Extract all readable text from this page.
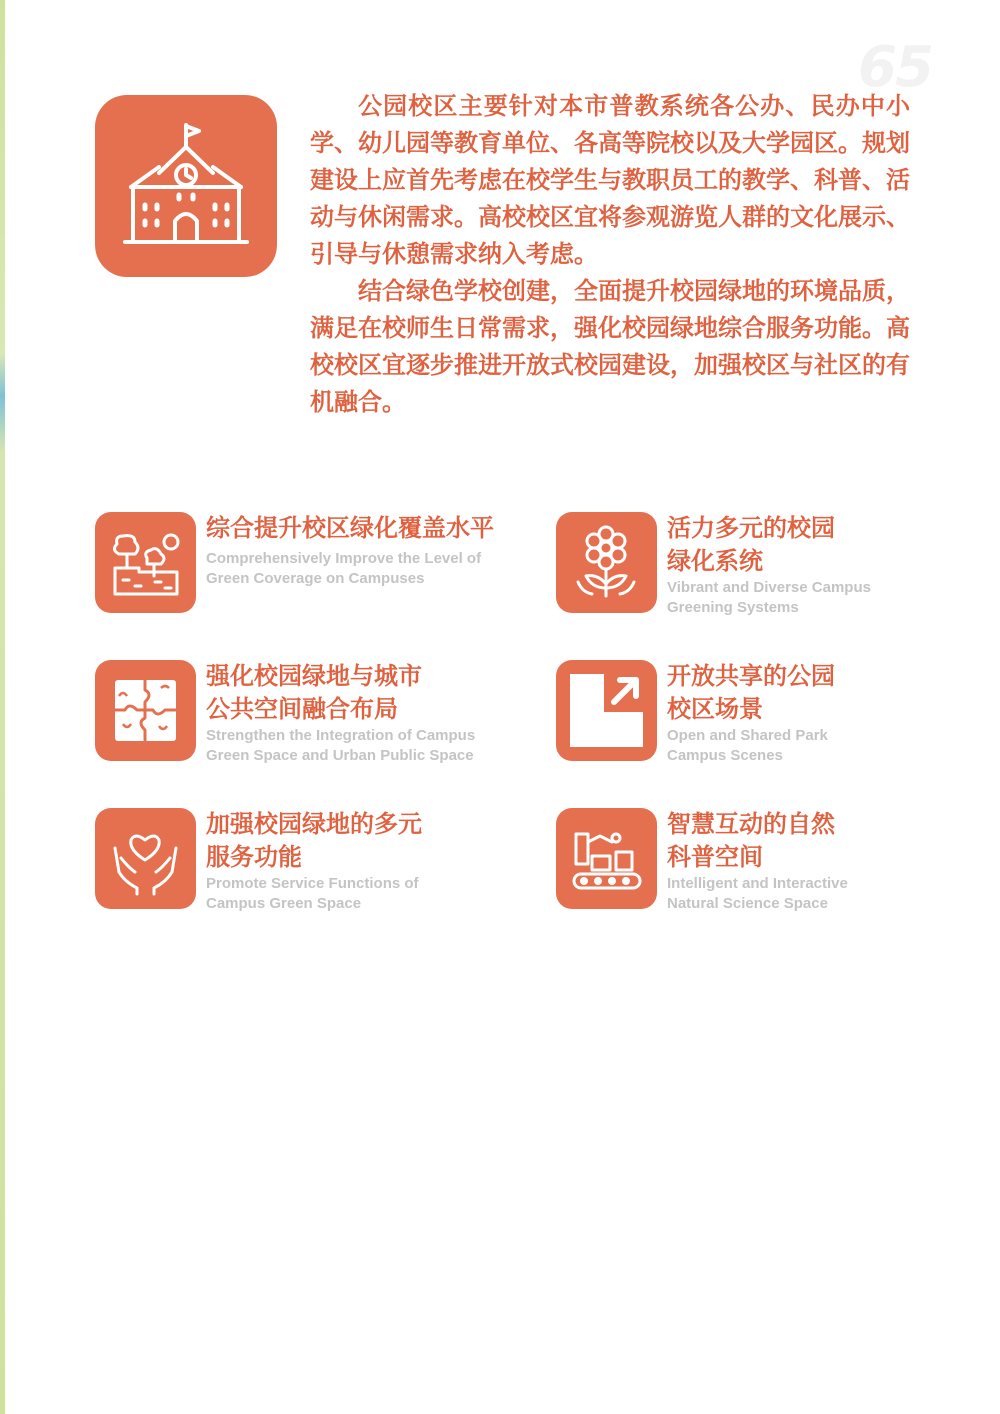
65

公园校区主要针对本市普教系统各公办、民办中小学、幼儿园等教育单位、各高等院校以及大学园区。规划建设上应首先考虑在校学生与教职员工的教学、科普、活动与休闲需求。高校校区宜将参观游览人群的文化展示、引导与休憩需求纳入考虑。

结合绿色学校创建，全面提升校园绿地的环境品质，满足在校师生日常需求，强化校园绿地综合服务功能。高校校区宜逐步推进开放式校园建设，加强校区与社区的有机融合。

综合提升校区绿化覆盖水平
Comprehensively Improve the Level of
Green Coverage on Campuses
活力多元的校园
绿化系统
Vibrant and Diverse Campus
Greening Systems
强化校园绿地与城市
公共空间融合布局
Strengthen the Integration of Campus
Green Space and Urban Public Space
开放共享的公园
校区场景
Open and Shared Park
Campus Scenes
加强校园绿地的多元
服务功能
Promote Service Functions of
Campus Green Space
智慧互动的自然
科普空间
Intelligent and Interactive
Natural Science Space
